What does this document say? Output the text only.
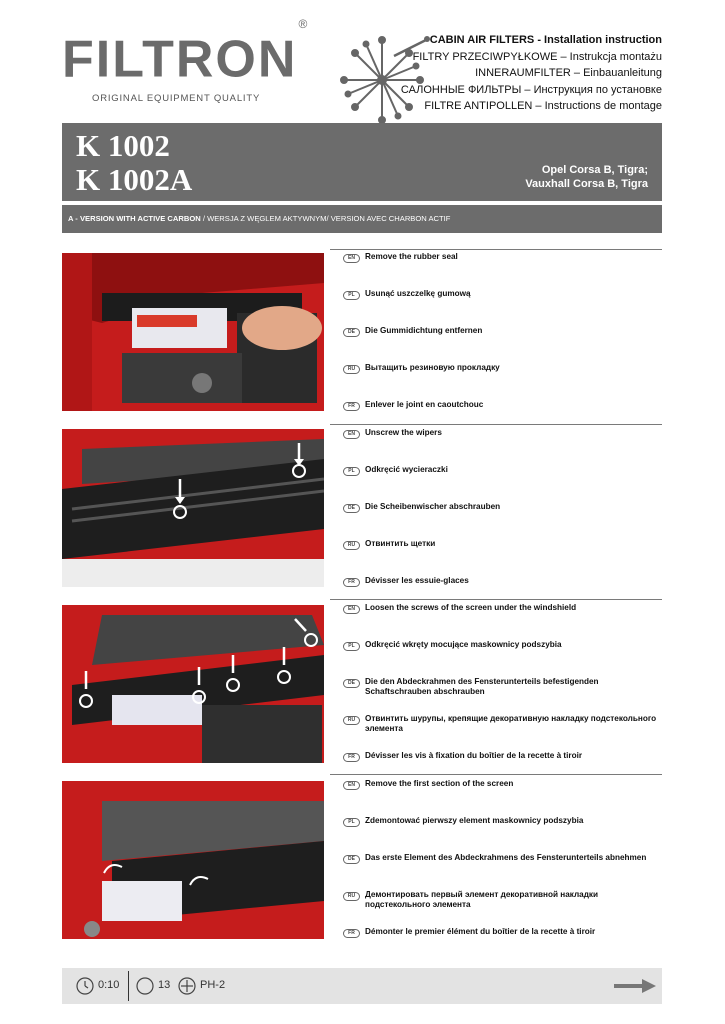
FILTRON®
ORIGINAL EQUIPMENT QUALITY
CABIN AIR FILTERS - Installation instruction
FILTRY PRZECIWPYŁKOWE – Instrukcja montażu
INNERAUMFILTER – Einbauanleitung
САЛОННЫЕ ФИЛЬТРЫ – Инструкция по установке
FILTRE ANTIPOLLEN – Instructions de montage
K 1002
K 1002A	Opel Corsa B, Tigra;
Vauxhall Corsa B, Tigra
A - VERSION WITH ACTIVE CARBON / WERSJA Z WĘGLEM AKTYWNYM/ VERSION AVEC CHARBON ACTIF
EN	Remove the rubber seal
PL	Usunąć uszczelkę gumową
DE	Die Gummidichtung entfernen
RU	Вытащить резиновую прокладку
FR	Enlever le joint en caoutchouc
EN	Unscrew the wipers
PL	Odkręcić wycieraczki
DE	Die Scheibenwischer abschrauben
RU	Отвинтить щетки
FR	Dévisser les essuie-glaces
EN	Loosen the screws of the screen under the windshield
PL	Odkręcić wkręty mocujące maskownicy podszybia
DE	Die den Abdeckrahmen des Fensterunterteils befestigenden Schaftschrauben abschrauben
RU	Отвинтить шурупы, крепящие декоративную накладку подстекольного элемента
FR	Dévisser les vis à fixation du boîtier de la recette à tiroir
EN	Remove the first section of the screen
PL	Zdemontować pierwszy element maskownicy podszybia
DE	Das erste Element des Abdeckrahmens des Fensterunterteils abnehmen
RU	Демонтировать первый элемент декоративной накладки подстекольного элемента
FR	Démonter le premier élément du boîtier de la recette à tiroir
0:10	13	PH-2
